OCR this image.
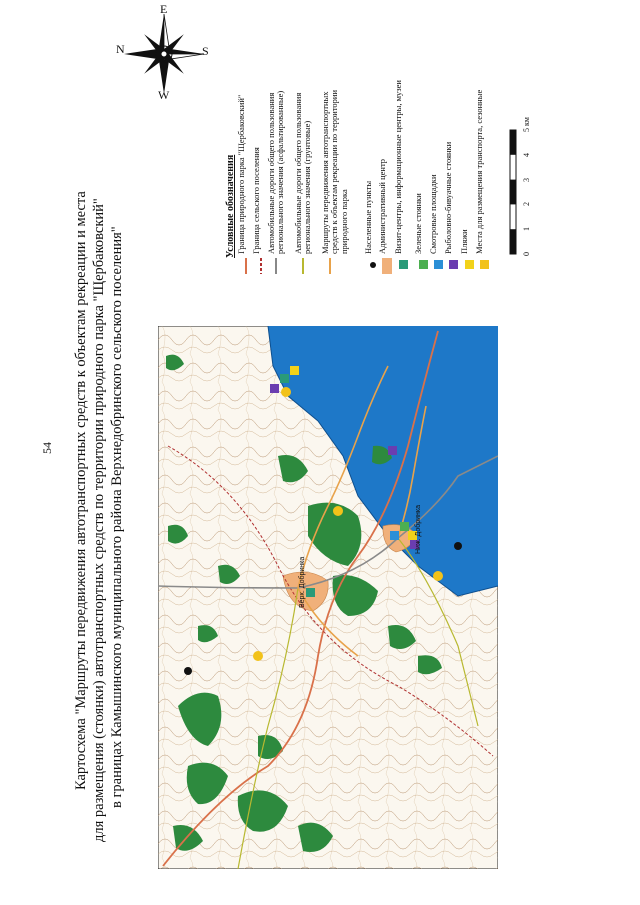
54 Картосхема "Маршруты передвижения автотранспортных средств к объектам рекреации и места для размещения (стоянки) автотранспортных средств по территории природного парка "Щербаковский" в границах Камышинского муниципального района Верхнедобринского сельского поселения"
N	S
W
E
Условные обозначения Граница природного парка "Щербаковский" Граница сельского поселения Автомобильные дороги общего пользования регионального значения (асфальтированные) Автомобильные дороги общего пользования регионального значения (грунтовые) Маршруты передвижения автотранспортных средств к объектам рекреации по территории природного парка Населенные пункты Административный центр Визит-центры, информационные центры, музеи Зеленые стоянки Смотровые площадки Рыболовно-бивуачные стоянки Пляжи Места для размещения транспорта, сезонные	0
1
2
3
4
5 км
Верх. Добринка
Ниж. Добринка
